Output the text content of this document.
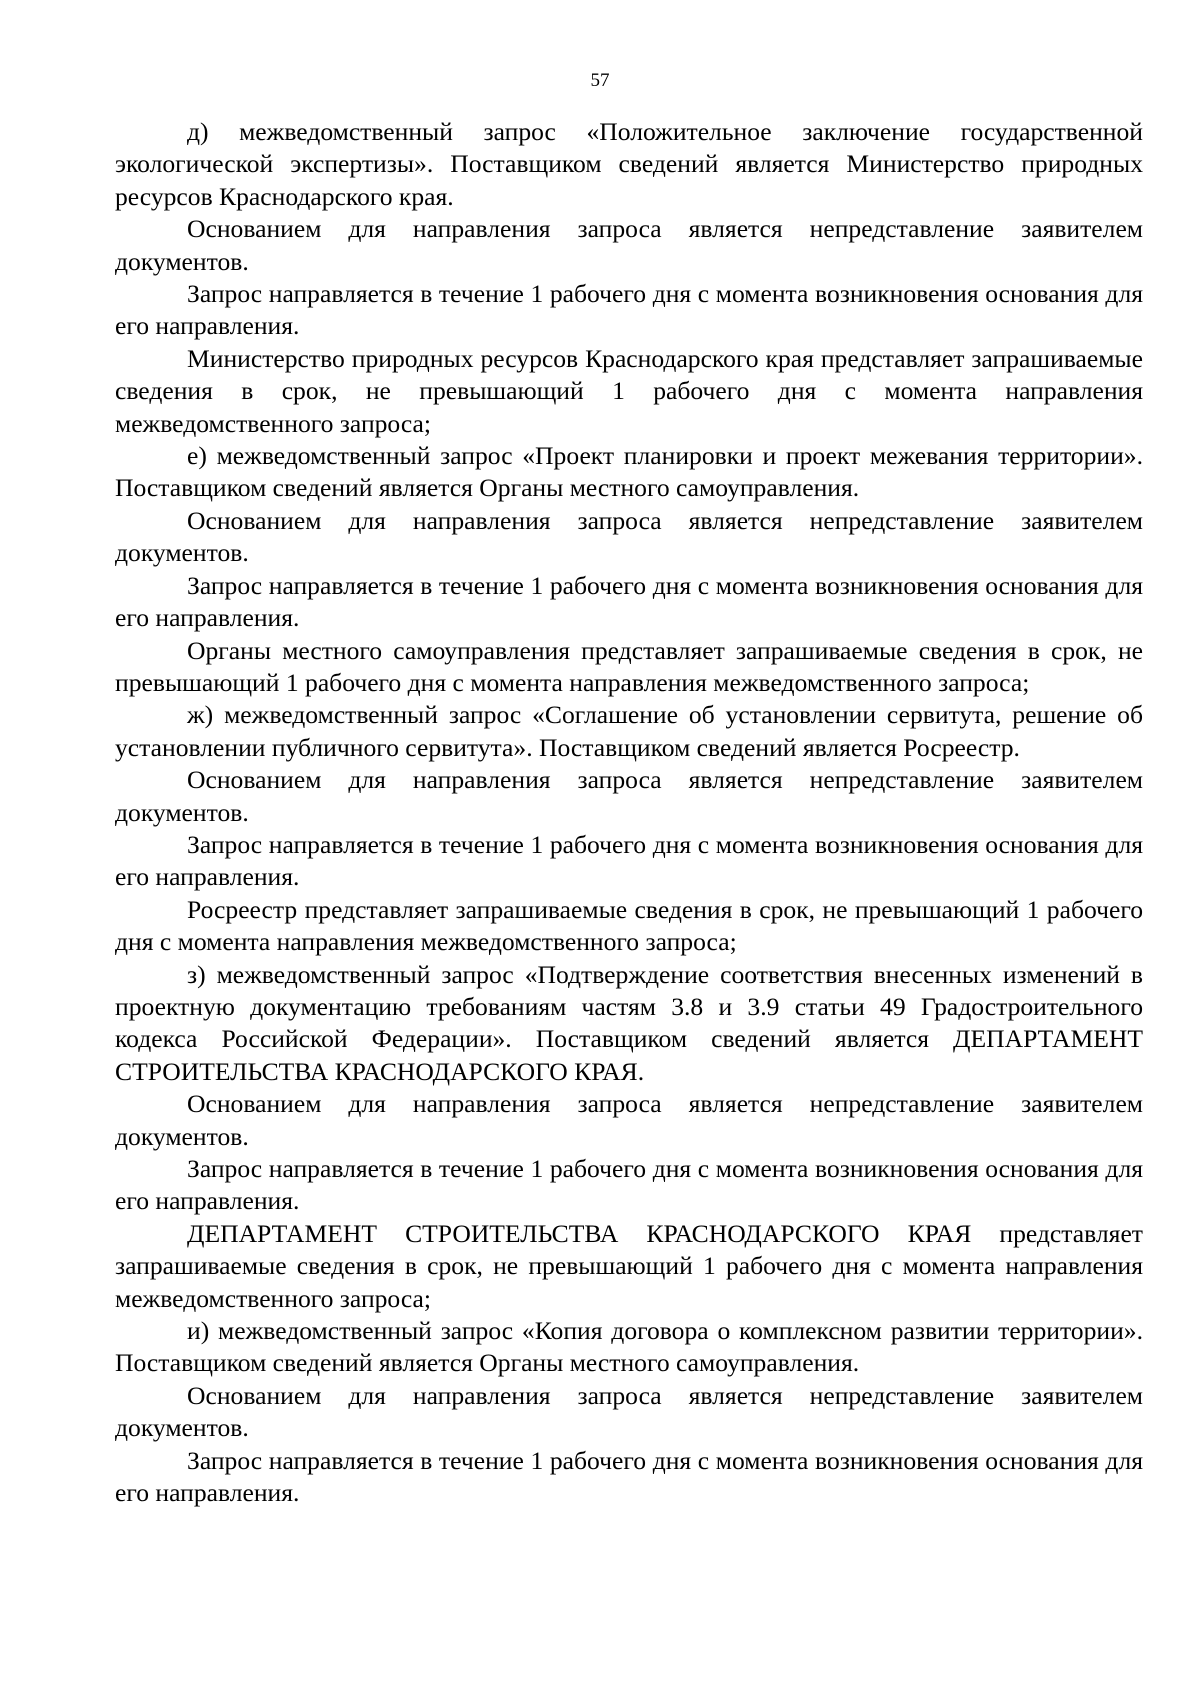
57

д) межведомственный запрос «Положительное заключение государственной экологической экспертизы». Поставщиком сведений является Министерство природных ресурсов Краснодарского края.

Основанием для направления запроса является непредставление заявителем документов.

Запрос направляется в течение 1 рабочего дня с момента возникновения основания для его направления.

Министерство природных ресурсов Краснодарского края представляет запрашиваемые сведения в срок, не превышающий 1 рабочего дня с момента направления межведомственного запроса;

е) межведомственный запрос «Проект планировки и проект межевания территории». Поставщиком сведений является Органы местного самоуправления.

Основанием для направления запроса является непредставление заявителем документов.

Запрос направляется в течение 1 рабочего дня с момента возникновения основания для его направления.

Органы местного самоуправления представляет запрашиваемые сведения в срок, не превышающий 1 рабочего дня с момента направления межведомственного запроса;

ж) межведомственный запрос «Соглашение об установлении сервитута, решение об установлении публичного сервитута». Поставщиком сведений является Росреестр.

Основанием для направления запроса является непредставление заявителем документов.

Запрос направляется в течение 1 рабочего дня с момента возникновения основания для его направления.

Росреестр представляет запрашиваемые сведения в срок, не превышающий 1 рабочего дня с момента направления межведомственного запроса;

з) межведомственный запрос «Подтверждение соответствия внесенных изменений в проектную документацию требованиям частям 3.8 и 3.9 статьи 49 Градостроительного кодекса Российской Федерации». Поставщиком сведений является ДЕПАРТАМЕНТ СТРОИТЕЛЬСТВА КРАСНОДАРСКОГО КРАЯ.

Основанием для направления запроса является непредставление заявителем документов.

Запрос направляется в течение 1 рабочего дня с момента возникновения основания для его направления.

ДЕПАРТАМЕНТ СТРОИТЕЛЬСТВА КРАСНОДАРСКОГО КРАЯ представляет запрашиваемые сведения в срок, не превышающий 1 рабочего дня с момента направления межведомственного запроса;

и) межведомственный запрос «Копия договора о комплексном развитии территории». Поставщиком сведений является Органы местного самоуправления.

Основанием для направления запроса является непредставление заявителем документов.

Запрос направляется в течение 1 рабочего дня с момента возникновения основания для его направления.
